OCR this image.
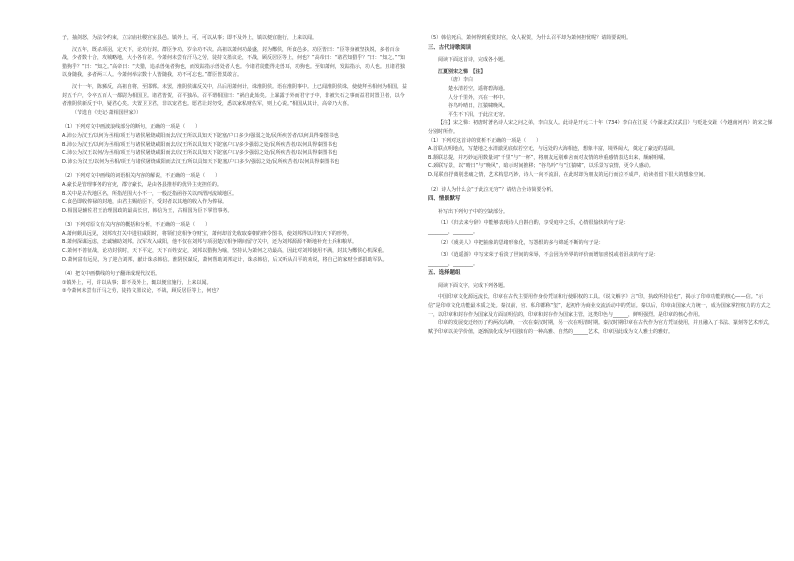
子，抽剑怒，为法令约束，立宗庙社稷宫室县邑。镇外上，可，可以从事；即不及外上，镇以便宜施行，上来以闻。

汉五年，既杀项羽，定天下，论功行封。群臣争功，岁余功不决。高祖以萧何功最盛，封为酂侯，所食邑多。功臣皆曰：“臣等身被坚执锐，多者百余战，少者数十合，攻城略地，大小各有差。今萧何未尝有汗马之劳，徒持文墨议论，不战，顾反居臣等上，何也？”高帝曰：“诸君知猎乎？”曰：“知之。”“知猎狗乎？”曰：“知之。”高帝曰：“夫猎，追杀兽兔者狗也，而发踪指示兽处者人也。今诸君徒能得走兽耳，功狗也。至如萧何，发踪指示，功人也。且诸君独以身随我，多者两三人。今萧何举宗数十人皆随我，功不可忘也。”群臣皆莫敢言。

汉十一年，陈豨反，高祖自将，至邯郸。未罢，淮阴侯谋反关中，吕后用萧何计，诛淮阴侯。语在淮阴事中。上已闻淮阴侯诛，使使拜丞相何为相国，益封五千户，令卒五百人一都尉为相国卫。诸君皆贺，召平独吊。召平谓相国曰：“祸自此始矣。上暴露于外而君守于中，非被矢石之事而益君封置卫者，以今者淮阴侯新反于中，疑君心矣。夫置卫卫君，非以宠君也。愿君让封勿受，悉以家私财佐军，则上心说。”相国从其计，高帝乃大喜。

（节选自《史记·萧相国世家》）

（1）下列对文中画波浪线部分的断句，正确的一项是（　　）

A.沛公为汉王/以何为丞相/项王与诸侯屠烧咸阳而去/汉王所以具知天下阸塞/户口多少/强弱之处/民所疾苦者/以何具得秦图书也

B.沛公为汉王/以何为丞相/项王与诸侯屠烧咸阳而去/汉王所以具知天下阸塞户口/多少强弱之处/民所疾苦者/以何具得秦图书也

C.沛公为汉王以何/为丞相/项王与诸侯屠烧咸阳而去/汉王所以具知天下阸塞户口/多少强弱之处/民所疾苦者/以何具得秦图书也

D.沛公为汉王/以何为丞相/项王与诸侯屠烧咸阳而去汉王/所以具知天下阸塞/户口多少/强弱之处/民所疾苦者/以何具得秦图书也

（2）下列对文中画线的词语相关内容的解说，不正确的一项是（　　）

A.豪长是管理事务的官吏，郡守豪长，是由各县推荐的优异主吏担任的。

B.关中是古代地区名，所指范围大小不一，一般泛指函谷关以西渭河流域地区。

C.食邑即收俸禄的封地，由君主赐给臣下，受封者以其地的收入作为俸禄。

D.相国是辅佐君王治理国政的最高长官，韩信为王，古相国为臣下掌管事务。

（3）下列对原文有关内容的概括和分析，不正确的一项是（　　）

A.萧何颇具远见，刘邦攻打关中进驻咸阳时，将领们竞相争夺财宝，萧何却首先收取秦朝的律令图书，使刘邦得以详知天下的形势。

B.萧何深谋远虑，忠诚辅助刘邦。汉军攻入咸阳，他不仅在刘邦与项羽楚汉相争期间留守关中，还为刘邦源源不断地补充士兵和粮草。

C.萧何不善征战，论功封侯时，天下平定，天下百姓安定，刘邦以猎狗为喻，坚持认为萧何之功最高，因此对刘邦使用不满，封其为酂侯心机深重。

D.萧何富有远见，为了迎合刘邦，献计诛杀韩信。淮阴侯谋反，萧何帮助刘邦定计，诛杀韩信，后又听从召平的劝说，将自己的家财全部捐助军队。

（4）把文中画横线的句子翻译成现代汉语。

①镇外上，可，许以从事；即不及外上，辄以便宜施行，上来以闻。

②今萧何未尝有汗马之劳，徒持文墨议论，不战，顾反居臣等上，何也？

（5）韩信死后，萧何得到重赏封官，众人祝贺，为什么召平却为萧何担忧呢？请简要说明。

三、古代诗歌阅读

阅读下面这首诗，完成各小题。

江夏别宋之悌　【注】

（唐）李白

楚水清若空，遥将碧海通。

人分千里外，兴在一杯中。

谷鸟吟晴日，江猿啸晚风。

平生不下泪，于此泣无穷。

【注】宋之悌：初唐时著名诗人宋之问之弟，李白友人。此诗是开元二十年（734）李白在江夏（今湖北武汉武昌）与贬赴交趾（今越南河内）的宋之悌分别时所作。

（1）下列对这首诗的赏析不正确的一项是（　　）

A.首联点明地点，写楚地之水清澈见底似若空无，与远处的大海相连，想象丰富，境界阔大，奠定了豪迈的基调。

B.颔联总提，并巧妙运用数量词“千里”与“一杯”，将朋友远别难舍而对友情的珍重感情表达出来，颇耐咀嚼。

C.颈联写景，以“晴日”与“晚风”，暗示时间推移；“谷鸟吟”与“江猿啸”，以乐景写哀情，更令人感动。

D.尾联直抒离别悲痛之情，艺术构思巧妙，诗人一向不流泪，在此时却为朋友的远行而泣不成声，给读者留下很大的想象空间。

（2）诗人为什么会“于此泣无穷”？请结合全诗简要分析。

四、情景默写

补写出下列句子中的空缺部分。

（1）《归去来兮辞》中能够表现诗人自斟自酌，享受庭中之乐，心情很愉快的句子是：

________，________。

（2）《虞美人》中把抽象的思绪形象化，写怨恨的多与绵延不断的句子是：

（3）《逍遥游》中写宋荣子看淡了世间的荣辱，不会因为外界的评价而增加喜悦或者沮丧的句子是：

________，________。

五、选择题组

阅读下面文字，完成下列各题。

中国印章文化源远流长，印章在古代主要用作身份凭证和行使职权的工具。《说文解字》言“印，执政所持信也”，揭示了印章功能的核心——信。“示信”是印章文化功能最本质之处。秦汉前，官、私印都称“玺”，起初作为商业交流活动中的凭证。秦以后，印章由国家大力统一，成为国家掌控权力的方式之一，以印章和封存作为国家及方面证明信的，印章和封存作为国家主管，这类印色与______，鲜明强烈。是印章的核心作用。

印章的发展变迁经历了约两次高峰，一次在秦汉时期，另一次在明清时期。秦汉时期印章在古代作为官方凭证使用，并且融入了书法、篆刻等艺术形式，赋予印章以美学价值，逐渐演化成为中国独有的一种高雅、自然的______艺术，印章因此成为文人雅士的雅好。
